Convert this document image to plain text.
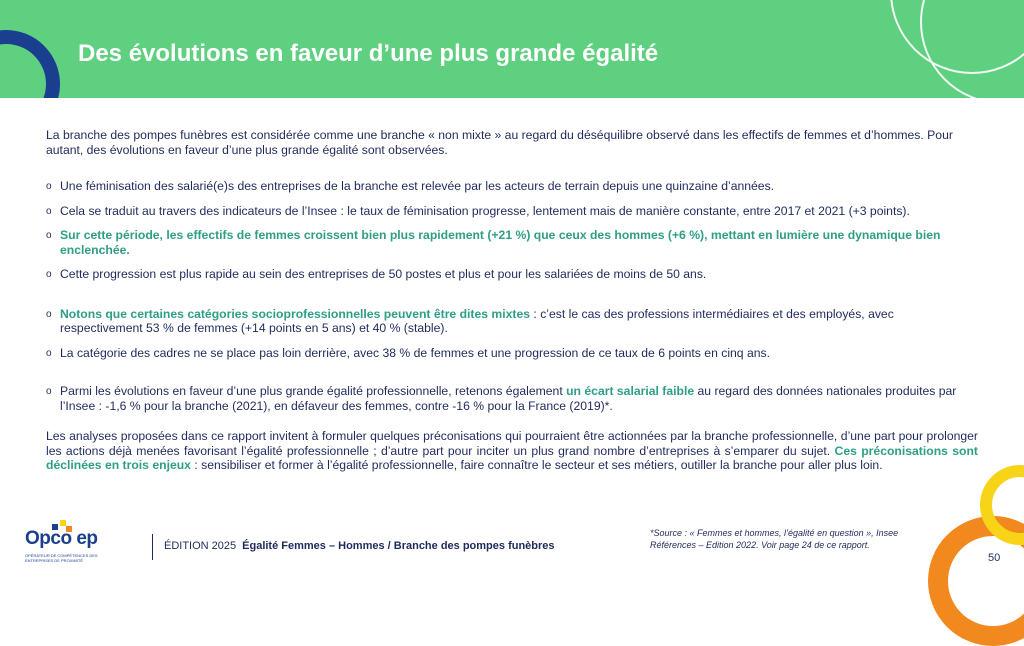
Des évolutions en faveur d’une plus grande égalité

La branche des pompes funèbres est considérée comme une branche « non mixte » au regard du déséquilibre observé dans les effectifs de femmes et d’hommes. Pour autant, des évolutions en faveur d’une plus grande égalité sont observées.

o Une féminisation des salarié(e)s des entreprises de la branche est relevée par les acteurs de terrain depuis une quinzaine d’années.
o Cela se traduit au travers des indicateurs de l’Insee : le taux de féminisation progresse, lentement mais de manière constante, entre 2017 et 2021 (+3 points).
o Sur cette période, les effectifs de femmes croissent bien plus rapidement (+21 %) que ceux des hommes (+6 %), mettant en lumière une dynamique bien enclenchée.
o Cette progression est plus rapide au sein des entreprises de 50 postes et plus et pour les salariées de moins de 50 ans.
o Notons que certaines catégories socioprofessionnelles peuvent être dites mixtes : c’est le cas des professions intermédiaires et des employés, avec respectivement 53 % de femmes (+14 points en 5 ans) et 40 % (stable).
o La catégorie des cadres ne se place pas loin derrière, avec 38 % de femmes et une progression de ce taux de 6 points en cinq ans.
o Parmi les évolutions en faveur d’une plus grande égalité professionnelle, retenons également un écart salarial faible au regard des données nationales produites par l’Insee : -1,6 % pour la branche (2021), en défaveur des femmes, contre -16 % pour la France (2019)*.

Les analyses proposées dans ce rapport invitent à formuler quelques préconisations qui pourraient être actionnées par la branche professionnelle, d’une part pour prolonger les actions déjà menées favorisant l’égalité professionnelle ; d’autre part pour inciter un plus grand nombre d’entreprises à s’emparer du sujet. Ces préconisations sont déclinées en trois enjeux : sensibiliser et former à l’égalité professionnelle, faire connaître le secteur et ses métiers, outiller la branche pour aller plus loin.

Opco ep
OPÉRATEUR DE COMPÉTENCES DES ENTREPRISES DE PROXIMITÉ
ÉDITION 2025 Égalité Femmes – Hommes / Branche des pompes funèbres
*Source : « Femmes et hommes, l’égalité en question », Insee Références – Edition 2022. Voir page 24 de ce rapport.
50
